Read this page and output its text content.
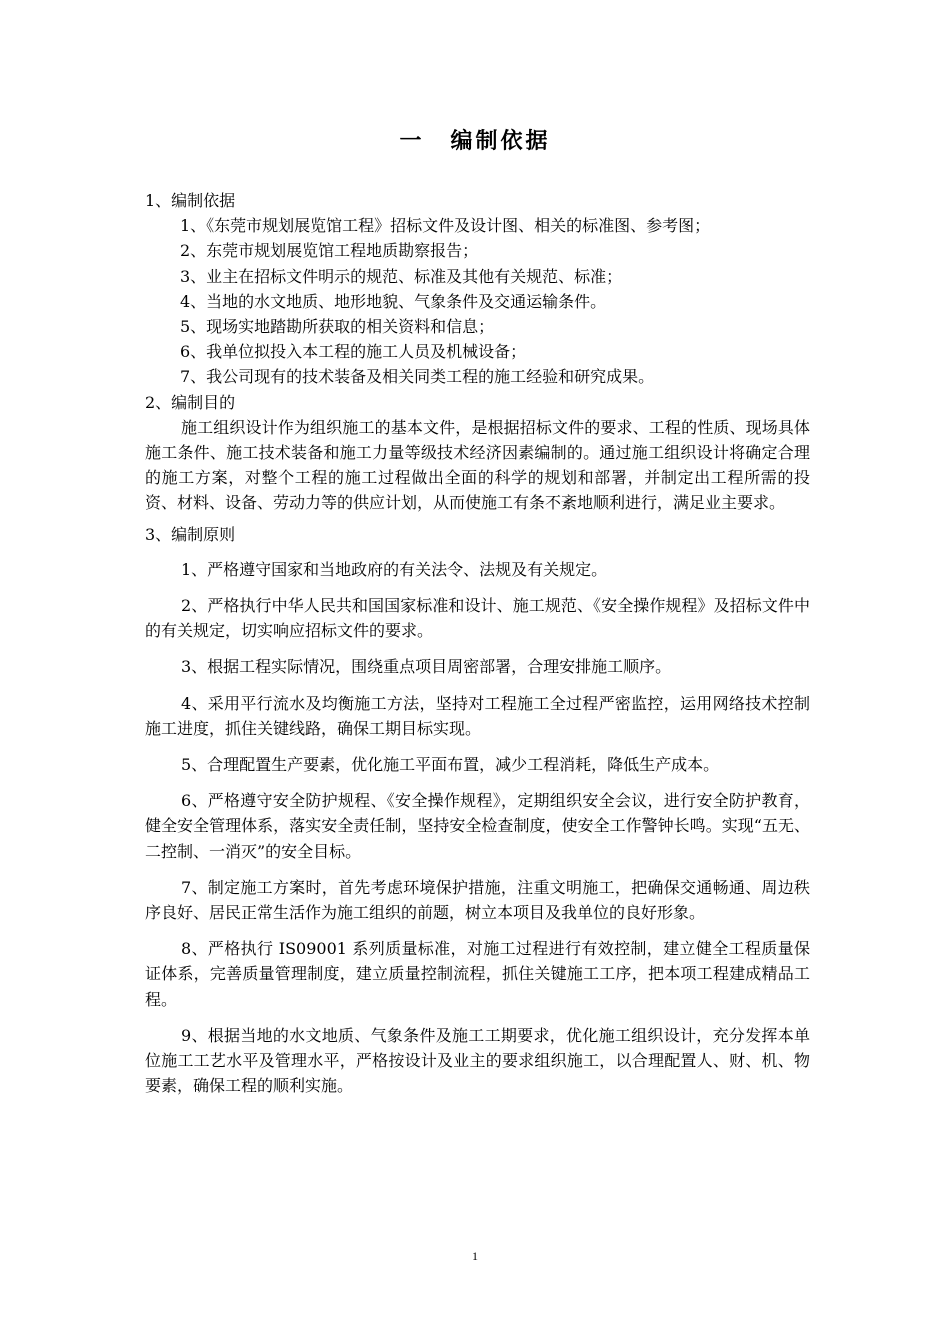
一 编制依据

1、编制依据

1、《东莞市规划展览馆工程》招标文件及设计图、相关的标准图、参考图；

2、东莞市规划展览馆工程地质勘察报告；

3、业主在招标文件明示的规范、标准及其他有关规范、标准；

4、当地的水文地质、地形地貌、气象条件及交通运输条件。

5、现场实地踏勘所获取的相关资料和信息；

6、我单位拟投入本工程的施工人员及机械设备；

7、我公司现有的技术装备及相关同类工程的施工经验和研究成果。

2、编制目的

施工组织设计作为组织施工的基本文件，是根据招标文件的要求、工程的性质、现场具体施工条件、施工技术装备和施工力量等级技术经济因素编制的。通过施工组织设计将确定合理的施工方案，对整个工程的施工过程做出全面的科学的规划和部署，并制定出工程所需的投资、材料、设备、劳动力等的供应计划，从而使施工有条不紊地顺利进行，满足业主要求。

3、编制原则

1、严格遵守国家和当地政府的有关法令、法规及有关规定。

2、严格执行中华人民共和国国家标准和设计、施工规范、《安全操作规程》及招标文件中的有关规定，切实响应招标文件的要求。

3、根据工程实际情况，围绕重点项目周密部署，合理安排施工顺序。

4、采用平行流水及均衡施工方法，坚持对工程施工全过程严密监控，运用网络技术控制施工进度，抓住关键线路，确保工期目标实现。

5、合理配置生产要素，优化施工平面布置，减少工程消耗，降低生产成本。

6、严格遵守安全防护规程、《安全操作规程》，定期组织安全会议，进行安全防护教育，健全安全管理体系，落实安全责任制，坚持安全检查制度，使安全工作警钟长鸣。实现“五无、二控制、一消灭”的安全目标。

7、制定施工方案时，首先考虑环境保护措施，注重文明施工，把确保交通畅通、周边秩序良好、居民正常生活作为施工组织的前题，树立本项目及我单位的良好形象。

8、严格执行 IS09001 系列质量标准，对施工过程进行有效控制，建立健全工程质量保证体系，完善质量管理制度，建立质量控制流程，抓住关键施工工序，把本项工程建成精品工程。

9、根据当地的水文地质、气象条件及施工工期要求，优化施工组织设计，充分发挥本单位施工工艺水平及管理水平，严格按设计及业主的要求组织施工，以合理配置人、财、机、物要素，确保工程的顺利实施。

1
